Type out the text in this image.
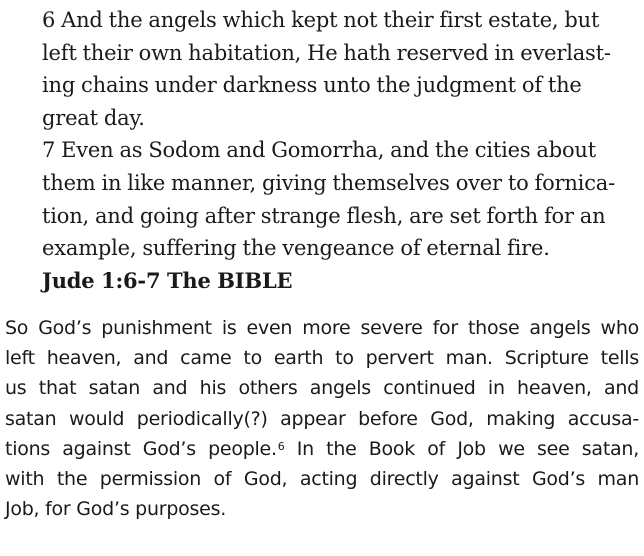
6 And the angels which kept not their first estate, but
left their own habitation, He hath reserved in everlast-
ing chains under darkness unto the judgment of the
great day.
7 Even as Sodom and Gomorrha, and the cities about
them in like manner, giving themselves over to fornica-
tion, and going after strange flesh, are set forth for an
example, suffering the vengeance of eternal fire.
Jude 1:6-7 The BIBLE
So God’s punishment is even more severe for those angels who
left heaven, and came to earth to pervert man. Scripture tells
us that satan and his others angels continued in heaven, and
satan would periodically(?) appear before God, making accusa-
tions against God’s people.$^6$ In the Book of Job we see satan,
with the permission of God, acting directly against God’s man
Job, for God’s purposes.
